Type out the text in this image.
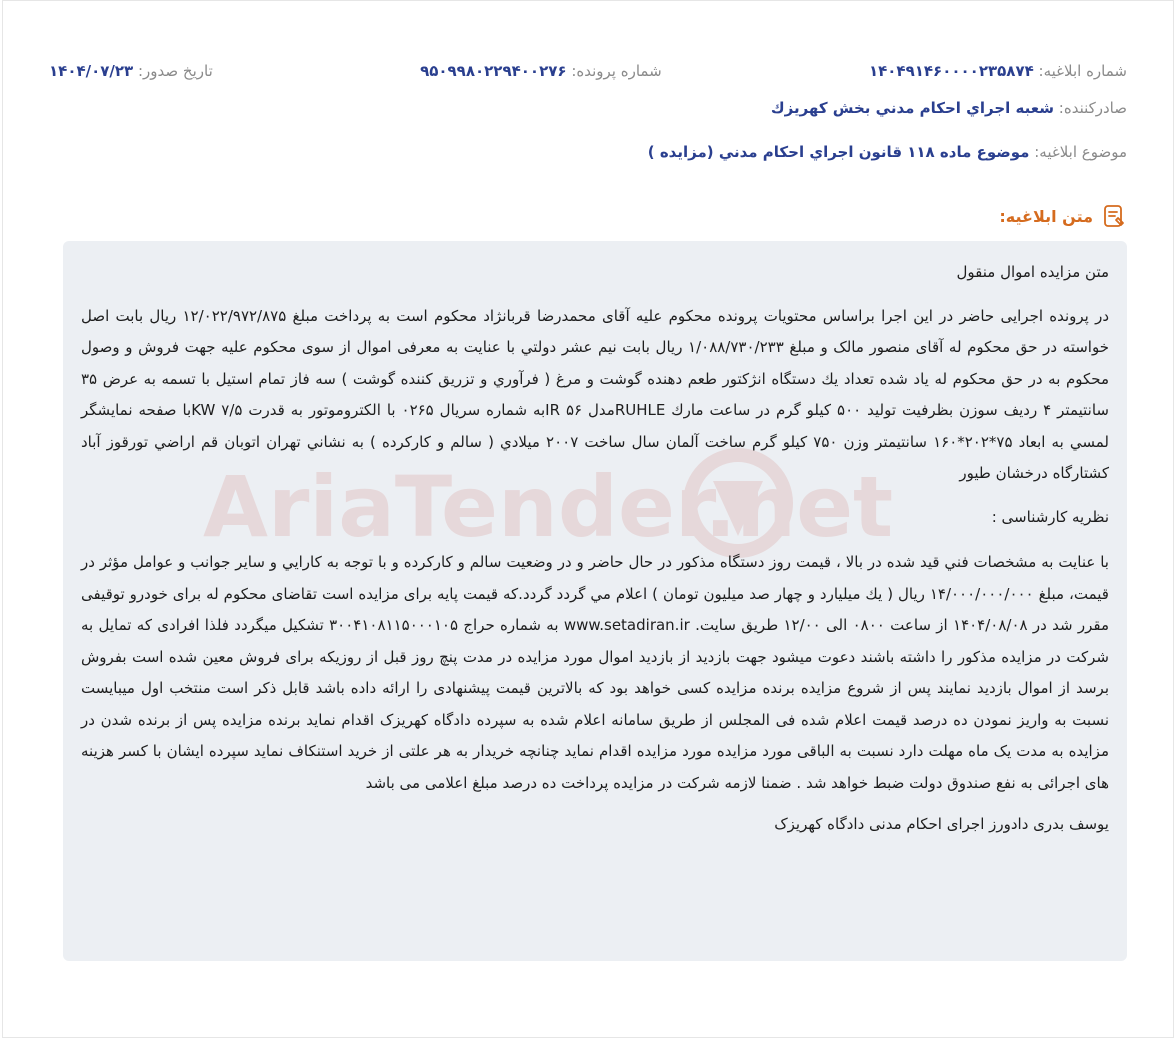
شماره ابلاغیه: ۱۴۰۴۹۱۴۶۰۰۰۰۲۳۵۸۷۴
شماره پرونده: ۹۵۰۹۹۸۰۲۲۹۴۰۰۲۷۶
تاریخ صدور: ۱۴۰۴/۰۷/۲۳
صادرکننده: شعبه اجراي احكام مدني بخش كهريزك
موضوع ابلاغیه: موضوع ماده ۱۱۸ قانون اجراي احكام مدني (مزايده )
متن ابلاغیه:
AriaTender.net

متن مزایده اموال منقول

در پرونده اجرایی حاضر در این اجرا براساس محتویات پرونده محکوم علیه آقای محمدرضا قربانژاد محکوم است به پرداخت مبلغ ۱۲/۰۲۲/۹۷۲/۸۷۵ ریال بابت اصل خواسته در حق محکوم له آقای منصور مالک و مبلغ ۱/۰۸۸/۷۳۰/۲۳۳ ریال بابت نیم عشر دولتي با عنايت به معرفی اموال از سوی محکوم علیه جهت فروش و وصول محکوم به در حق محکوم له ياد شده تعداد يك دستگاه انژكتور طعم دهنده گوشت و مرغ ( فرآوري و تزريق كننده گوشت ) سه فاز تمام استيل با تسمه به عرض ۳۵ سانتيمتر ۴ رديف سوزن بظرفيت توليد ۵۰۰ كيلو گرم در ساعت مارك RUHLEمدل ۵۶ IRبه شماره سريال ۰۲۶۵ با الكتروموتور به قدرت ۷/۵ KWبا صفحه نمايشگر لمسي به ابعاد ۷۵*۲۰۲*۱۶۰ سانتيمتر وزن ۷۵۰ كيلو گرم ساخت آلمان سال ساخت ۲۰۰۷ ميلادي ( سالم و كاركرده ) به نشاني تهران اتوبان قم اراضي تورقوز آباد كشتارگاه درخشان طيور

نظریه کارشناسی :

با عنايت به مشخصات فني قيد شده در بالا ، قيمت روز دستگاه مذكور در حال حاضر و در وضعيت سالم و كاركرده و با توجه به كارايي و ساير جوانب و عوامل مؤثر در قيمت، مبلغ ۱۴/۰۰۰/۰۰۰/۰۰۰ ريال ( يك ميليارد و چهار صد ميليون تومان ) اعلام مي گردد گردد.که قیمت پایه برای مزایده است تقاضای محکوم له برای خودرو توقیفی مقرر شد در ۱۴۰۴/۰۸/۰۸ از ساعت ۰۸۰۰ الی ۱۲/۰۰ طریق سایت. www.setadiran.ir به شماره حراج ۳۰۰۴۱۰۸۱۱۵۰۰۰۱۰۵ تشکیل میگردد فلذا افرادی که تمایل به شرکت در مزایده مذکور را داشته باشند دعوت میشود جهت بازدید از بازدید اموال مورد مزایده در مدت پنچ روز قبل از روزیکه برای فروش معین شده است بفروش برسد از اموال بازدید نمایند پس از شروع مزایده برنده مزایده کسی خواهد بود که بالاترین قیمت پیشنهادی را ارائه داده باشد قابل ذکر است منتخب اول میبایست نسبت به واریز نمودن ده درصد قیمت اعلام شده فی المجلس از طریق سامانه اعلام شده به سپرده دادگاه کهریزک اقدام نماید برنده مزایده پس از برنده شدن در مزایده به مدت یک ماه مهلت دارد نسبت به الباقی مورد مزایده مورد مزایده اقدام نماید چنانچه خریدار به هر علتی از خرید استنکاف نماید سپرده ایشان با کسر هزینه های اجرائی به نفع صندوق دولت ضبط خواهد شد . ضمنا لازمه شرکت در مزایده پرداخت ده درصد مبلغ اعلامی می باشد

یوسف بدری دادورز اجرای احکام مدنی دادگاه کهریزک
